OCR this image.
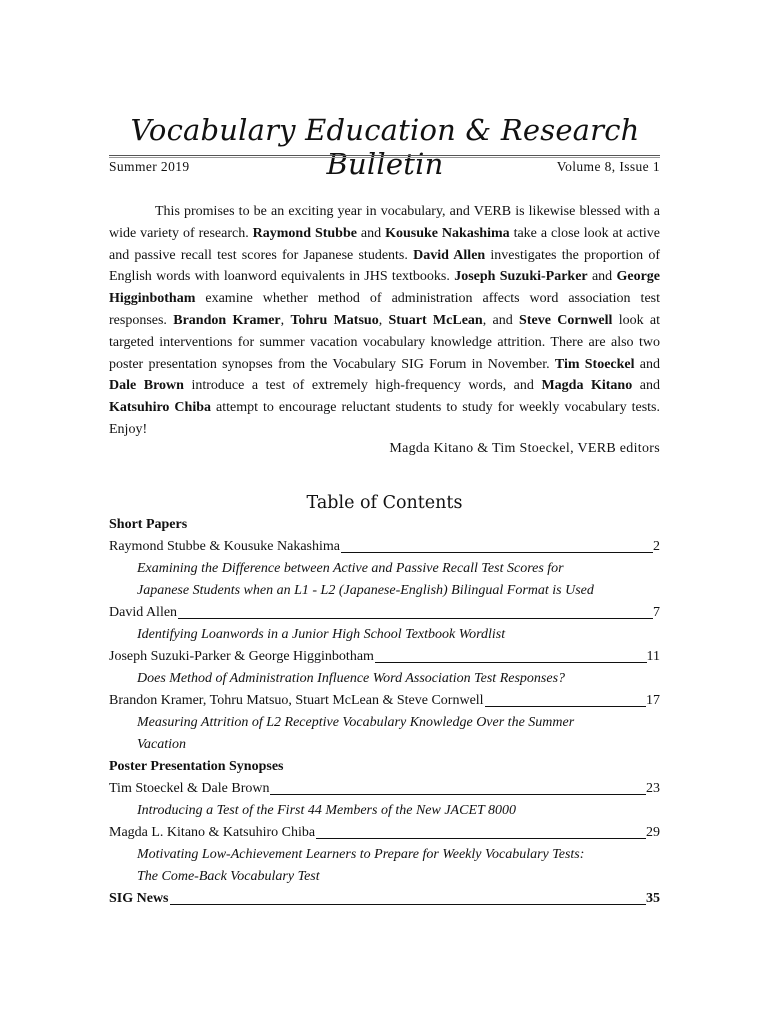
Vocabulary Education & Research Bulletin
Summer 2019	Volume 8, Issue 1

This promises to be an exciting year in vocabulary, and VERB is likewise blessed with a wide variety of research. Raymond Stubbe and Kousuke Nakashima take a close look at active and passive recall test scores for Japanese students. David Allen investigates the proportion of English words with loanword equivalents in JHS textbooks. Joseph Suzuki-Parker and George Higginbotham examine whether method of administration affects word association test responses. Brandon Kramer, Tohru Matsuo, Stuart McLean, and Steve Cornwell look at targeted interventions for summer vacation vocabulary knowledge attrition. There are also two poster presentation synopses from the Vocabulary SIG Forum in November. Tim Stoeckel and Dale Brown introduce a test of extremely high-frequency words, and Magda Kitano and Katsuhiro Chiba attempt to encourage reluctant students to study for weekly vocabulary tests. Enjoy!

Magda Kitano & Tim Stoeckel, VERB editors
Table of Contents
Short Papers
Raymond Stubbe & Kousuke Nakashima	2
Examining the Difference between Active and Passive Recall Test Scores for
Japanese Students when an L1 - L2 (Japanese-English) Bilingual Format is Used
David Allen	7
Identifying Loanwords in a Junior High School Textbook Wordlist
Joseph Suzuki-Parker & George Higginbotham	11
Does Method of Administration Influence Word Association Test Responses?
Brandon Kramer, Tohru Matsuo, Stuart McLean & Steve Cornwell	17
Measuring Attrition of L2 Receptive Vocabulary Knowledge Over the Summer
Vacation
Poster Presentation Synopses
Tim Stoeckel & Dale Brown	23
Introducing a Test of the First 44 Members of the New JACET 8000
Magda L. Kitano & Katsuhiro Chiba	29
Motivating Low-Achievement Learners to Prepare for Weekly Vocabulary Tests:
The Come-Back Vocabulary Test
SIG News	35
